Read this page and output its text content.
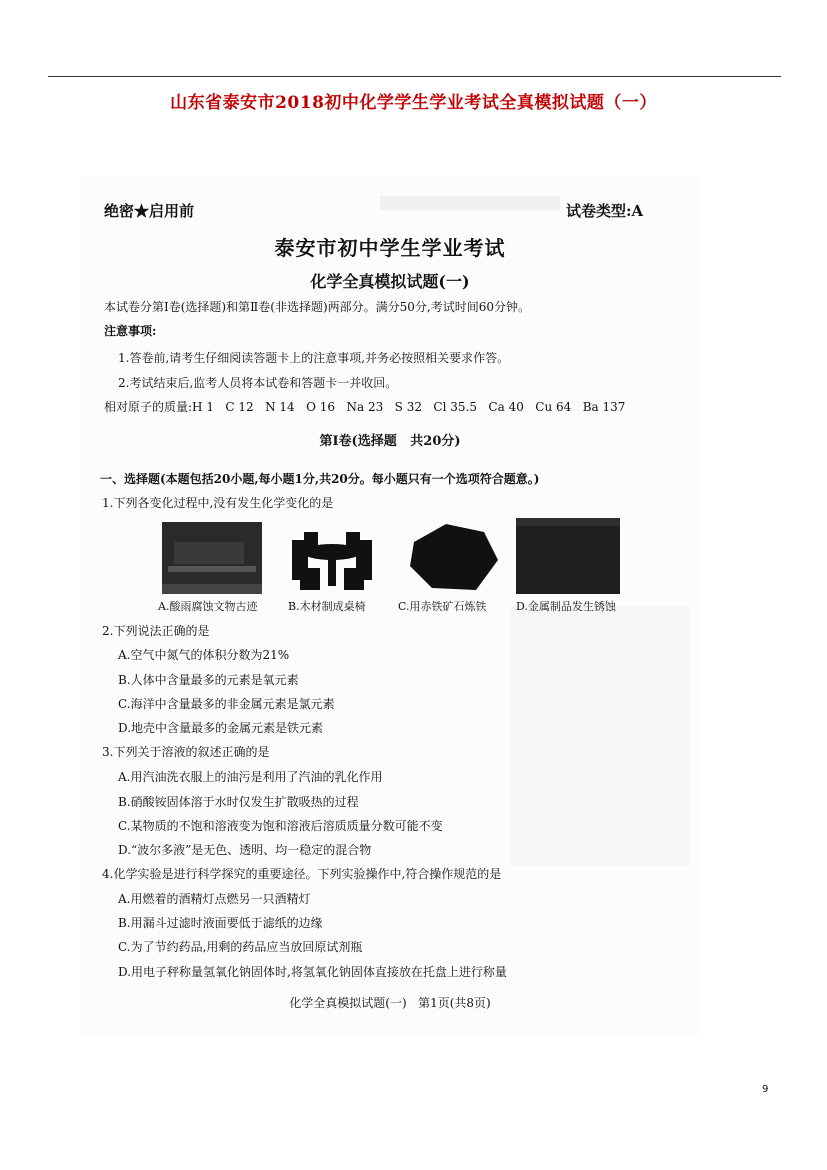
山东省泰安市2018初中化学学生学业考试全真模拟试题（一）
绝密★启用前	试卷类型:A
泰安市初中学生学业考试
化学全真模拟试题(一)
本试卷分第Ⅰ卷(选择题)和第Ⅱ卷(非选择题)两部分。满分50分,考试时间60分钟。
注意事项:
1.答卷前,请考生仔细阅读答题卡上的注意事项,并务必按照相关要求作答。
2.考试结束后,监考人员将本试卷和答题卡一并收回。
相对原子的质量:H 1   C 12   N 14   O 16   Na 23   S 32   Cl 35.5   Ca 40   Cu 64   Ba 137
第Ⅰ卷(选择题   共20分)
一、选择题(本题包括20小题,每小题1分,共20分。每小题只有一个选项符合题意。)
1.下列各变化过程中,没有发生化学变化的是
A.酸雨腐蚀文物古迹	B.木材制成桌椅	C.用赤铁矿石炼铁	D.金属制品发生锈蚀
2.下列说法正确的是
A.空气中氮气的体积分数为21%
B.人体中含量最多的元素是氧元素
C.海洋中含量最多的非金属元素是氯元素
D.地壳中含量最多的金属元素是铁元素
3.下列关于溶液的叙述正确的是
A.用汽油洗衣服上的油污是利用了汽油的乳化作用
B.硝酸铵固体溶于水时仅发生扩散吸热的过程
C.某物质的不饱和溶液变为饱和溶液后溶质质量分数可能不变
D.“波尔多液”是无色、透明、均一稳定的混合物
4.化学实验是进行科学探究的重要途径。下列实验操作中,符合操作规范的是
A.用燃着的酒精灯点燃另一只酒精灯
B.用漏斗过滤时液面要低于滤纸的边缘
C.为了节约药品,用剩的药品应当放回原试剂瓶
D.用电子秤称量氢氧化钠固体时,将氢氧化钠固体直接放在托盘上进行称量
化学全真模拟试题(一)   第1页(共8页)
9
